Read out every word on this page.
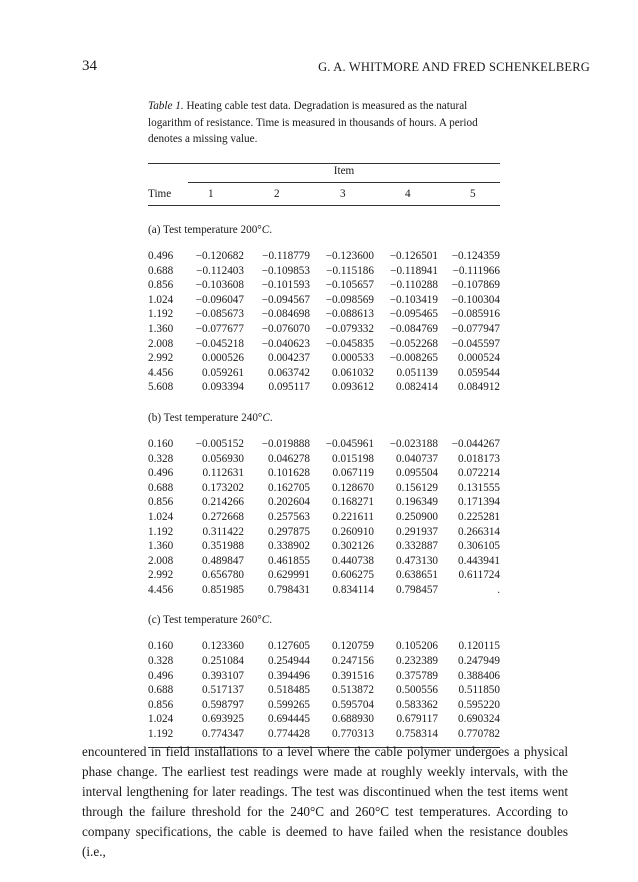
34	G. A. WHITMORE AND FRED SCHENKELBERG
Table 1. Heating cable test data. Degradation is measured as the natural logarithm of resistance. Time is measured in thousands of hours. A period denotes a missing value.
Item
Time	1	2	3	4	5
(a) Test temperature 200°C.
0.496 −0.120682 −0.118779 −0.123600 −0.126501 −0.124359
0.688 −0.112403 −0.109853 −0.115186 −0.118941 −0.111966
0.856 −0.103608 −0.101593 −0.105657 −0.110288 −0.107869
1.024 −0.096047 −0.094567 −0.098569 −0.103419 −0.100304
1.192 −0.085673 −0.084698 −0.088613 −0.095465 −0.085916
1.360 −0.077677 −0.076070 −0.079332 −0.084769 −0.077947
2.008 −0.045218 −0.040623 −0.045835 −0.052268 −0.045597
2.992	0.000526 0.004237 0.000533 −0.008265 0.000524
4.456	0.059261 0.063742 0.061032 0.051139 0.059544
5.608	0.093394 0.095117 0.093612 0.082414 0.084912
(b) Test temperature 240°C.
0.160 −0.005152 −0.019888 −0.045961 −0.023188 −0.044267
0.328	0.056930 0.046278 0.015198 0.040737 0.018173
0.496	0.112631 0.101628 0.067119 0.095504 0.072214
0.688	0.173202 0.162705 0.128670 0.156129 0.131555
0.856	0.214266 0.202604 0.168271 0.196349 0.171394
1.024	0.272668 0.257563 0.221611 0.250900 0.225281
1.192	0.311422 0.297875 0.260910 0.291937 0.266314
1.360	0.351988 0.338902 0.302126 0.332887 0.306105
2.008	0.489847 0.461855 0.440738 0.473130 0.443941
2.992	0.656780 0.629991 0.606275 0.638651 0.611724
4.456	0.851985 0.798431 0.834114 0.798457	.
(c) Test temperature 260°C.
0.160	0.123360 0.127605 0.120759 0.105206 0.120115
0.328	0.251084 0.254944 0.247156 0.232389 0.247949
0.496	0.393107 0.394496 0.391516 0.375789 0.388406
0.688	0.517137 0.518485 0.513872 0.500556 0.511850
0.856	0.598797 0.599265 0.595704 0.583362 0.595220
1.024	0.693925 0.694445 0.688930 0.679117 0.690324
1.192	0.774347 0.774428 0.770313 0.758314 0.770782
encountered in field installations to a level where the cable polymer undergoes a physical phase change. The earliest test readings were made at roughly weekly intervals, with the interval lengthening for later readings. The test was discontinued when the test items went through the failure threshold for the 240°C and 260°C test temperatures. According to company specifications, the cable is deemed to have failed when the resistance doubles (i.e.,
